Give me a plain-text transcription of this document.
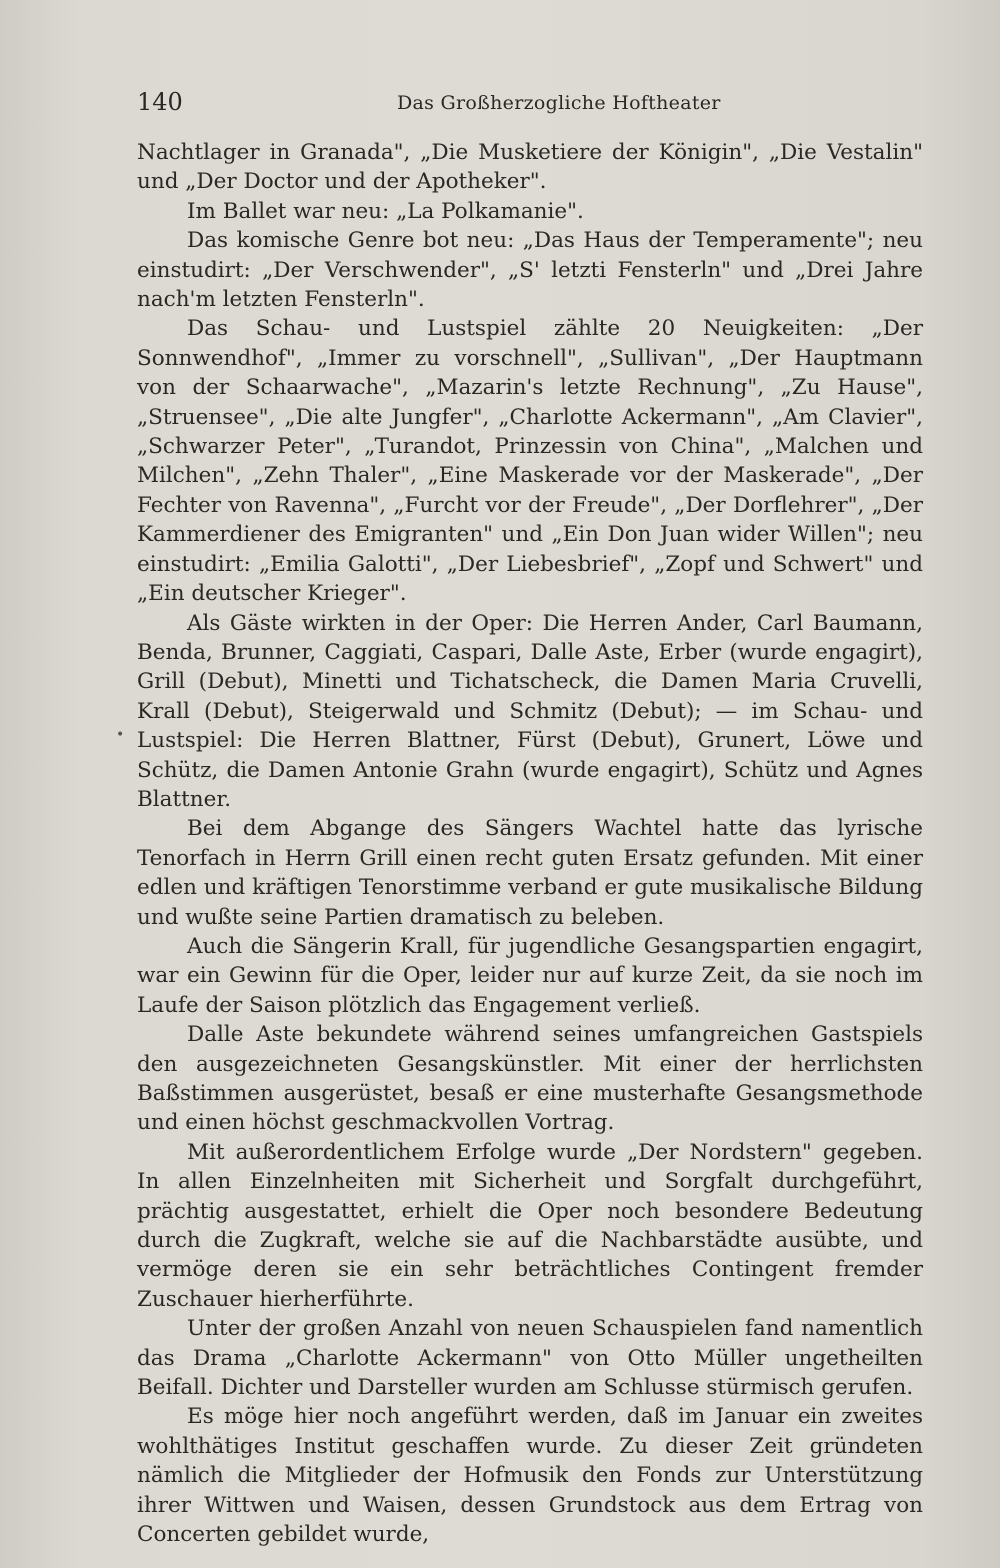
140	Das Großherzogliche Hoftheater

Nachtlager in Granada", „Die Musketiere der Königin", „Die Vestalin" und „Der Doctor und der Apotheker".

Im Ballet war neu: „La Polkamanie".

Das komische Genre bot neu: „Das Haus der Temperamente"; neu einstudirt: „Der Verschwender", „S' letzti Fensterln" und „Drei Jahre nach'm letzten Fensterln".

Das Schau- und Lustspiel zählte 20 Neuigkeiten: „Der Sonnwendhof", „Immer zu vorschnell", „Sullivan", „Der Hauptmann von der Schaarwache", „Mazarin's letzte Rechnung", „Zu Hause", „Struensee", „Die alte Jungfer", „Charlotte Ackermann", „Am Clavier", „Schwarzer Peter", „Turandot, Prinzessin von China", „Malchen und Milchen", „Zehn Thaler", „Eine Maskerade vor der Maskerade", „Der Fechter von Ravenna", „Furcht vor der Freude", „Der Dorflehrer", „Der Kammerdiener des Emigranten" und „Ein Don Juan wider Willen"; neu einstudirt: „Emilia Galotti", „Der Liebesbrief", „Zopf und Schwert" und „Ein deutscher Krieger".

Als Gäste wirkten in der Oper: Die Herren Ander, Carl Baumann, Benda, Brunner, Caggiati, Caspari, Dalle Aste, Erber (wurde engagirt), Grill (Debut), Minetti und Tichatscheck, die Damen Maria Cruvelli, Krall (Debut), Steigerwald und Schmitz (Debut); — im Schau- und Lustspiel: Die Herren Blattner, Fürst (Debut), Grunert, Löwe und Schütz, die Damen Antonie Grahn (wurde engagirt), Schütz und Agnes Blattner.

Bei dem Abgange des Sängers Wachtel hatte das lyrische Tenorfach in Herrn Grill einen recht guten Ersatz gefunden. Mit einer edlen und kräftigen Tenorstimme verband er gute musikalische Bildung und wußte seine Partien dramatisch zu beleben.

Auch die Sängerin Krall, für jugendliche Gesangspartien engagirt, war ein Gewinn für die Oper, leider nur auf kurze Zeit, da sie noch im Laufe der Saison plötzlich das Engagement verließ.

Dalle Aste bekundete während seines umfangreichen Gastspiels den ausgezeichneten Gesangskünstler. Mit einer der herrlichsten Baßstimmen ausgerüstet, besaß er eine musterhafte Gesangsmethode und einen höchst geschmackvollen Vortrag.

Mit außerordentlichem Erfolge wurde „Der Nordstern" gegeben. In allen Einzelnheiten mit Sicherheit und Sorgfalt durchgeführt, prächtig ausgestattet, erhielt die Oper noch besondere Bedeutung durch die Zugkraft, welche sie auf die Nachbarstädte ausübte, und vermöge deren sie ein sehr beträchtliches Contingent fremder Zuschauer hierherführte.

Unter der großen Anzahl von neuen Schauspielen fand namentlich das Drama „Charlotte Ackermann" von Otto Müller ungetheilten Beifall. Dichter und Darsteller wurden am Schlusse stürmisch gerufen.

Es möge hier noch angeführt werden, daß im Januar ein zweites wohlthätiges Institut geschaffen wurde. Zu dieser Zeit gründeten nämlich die Mitglieder der Hofmusik den Fonds zur Unterstützung ihrer Wittwen und Waisen, dessen Grundstock aus dem Ertrag von Concerten gebildet wurde,

•
